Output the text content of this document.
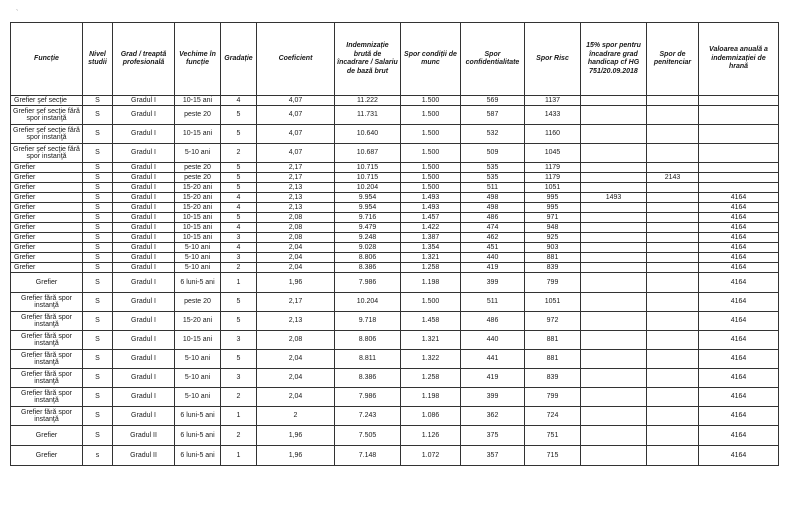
`
Funcție	Nivel studii	Grad / treaptă profesională	Vechime în funcție	Gradație	Coeficient	Indemnizație brută de încadrare / Salariu de bază brut	Spor condiții de munc	Spor confidentialitate	Spor Risc	15% spor pentru încadrare grad handicap cf HG 751/20.09.2018	Spor de penitenciar	Valoarea anuală a indemnizației de hrană
Grefier şef secţie	S	Gradul I	10-15 ani	4	4,07	11.222	1.500	569	1137			
Grefier şef secţie fără spor instanţă	S	Gradul I	peste 20	5	4,07	11.731	1.500	587	1433			
Grefier şef secţie fără spor instanţă	S	Gradul I	10-15 ani	5	4,07	10.640	1.500	532	1160			
Grefier şef secţie fără spor instanţă	S	Gradul I	5-10 ani	2	4,07	10.687	1.500	509	1045			
Grefier	S	Gradul I	peste 20	5	2,17	10.715	1.500	535	1179			
Grefier	S	Gradul I	peste 20	5	2,17	10.715	1.500	535	1179		2143	
Grefier	S	Gradul I	15-20 ani	5	2,13	10.204	1.500	511	1051			
Grefier	S	Gradul I	15-20 ani	4	2,13	9.954	1.493	498	995	1493		4164
Grefier	S	Gradul I	15-20 ani	4	2,13	9.954	1.493	498	995			4164
Grefier	S	Gradul I	10-15 ani	5	2,08	9.716	1.457	486	971			4164
Grefier	S	Gradul I	10-15 ani	4	2,08	9.479	1.422	474	948			4164
Grefier	S	Gradul I	10-15 ani	3	2,08	9.248	1.387	462	925			4164
Grefier	S	Gradul I	5-10 ani	4	2,04	9.028	1.354	451	903			4164
Grefier	S	Gradul I	5-10 ani	3	2,04	8.806	1.321	440	881			4164
Grefier	S	Gradul I	5-10 ani	2	2,04	8.386	1.258	419	839			4164
Grefier	S	Gradul I	6 luni-5 ani	1	1,96	7.986	1.198	399	799			4164
Grefier fără spor instanţă	S	Gradul I	peste 20	5	2,17	10.204	1.500	511	1051			4164
Grefier fără spor instanţă	S	Gradul I	15-20 ani	5	2,13	9.718	1.458	486	972			4164
Grefier fără spor instanţă	S	Gradul I	10-15 ani	3	2,08	8.806	1.321	440	881			4164
Grefier fără spor instanţă	S	Gradul I	5-10 ani	5	2,04	8.811	1.322	441	881			4164
Grefier fără spor instanţă	S	Gradul I	5-10 ani	3	2,04	8.386	1.258	419	839			4164
Grefier fără spor instanţă	S	Gradul I	5-10 ani	2	2,04	7.986	1.198	399	799			4164
Grefier fără spor instanţă	S	Gradul I	6 luni-5 ani	1	2	7.243	1.086	362	724			4164
Grefier	S	Gradul II	6 luni-5 ani	2	1,96	7.505	1.126	375	751			4164
Grefier	s	Gradul II	6 luni-5 ani	1	1,96	7.148	1.072	357	715			4164
